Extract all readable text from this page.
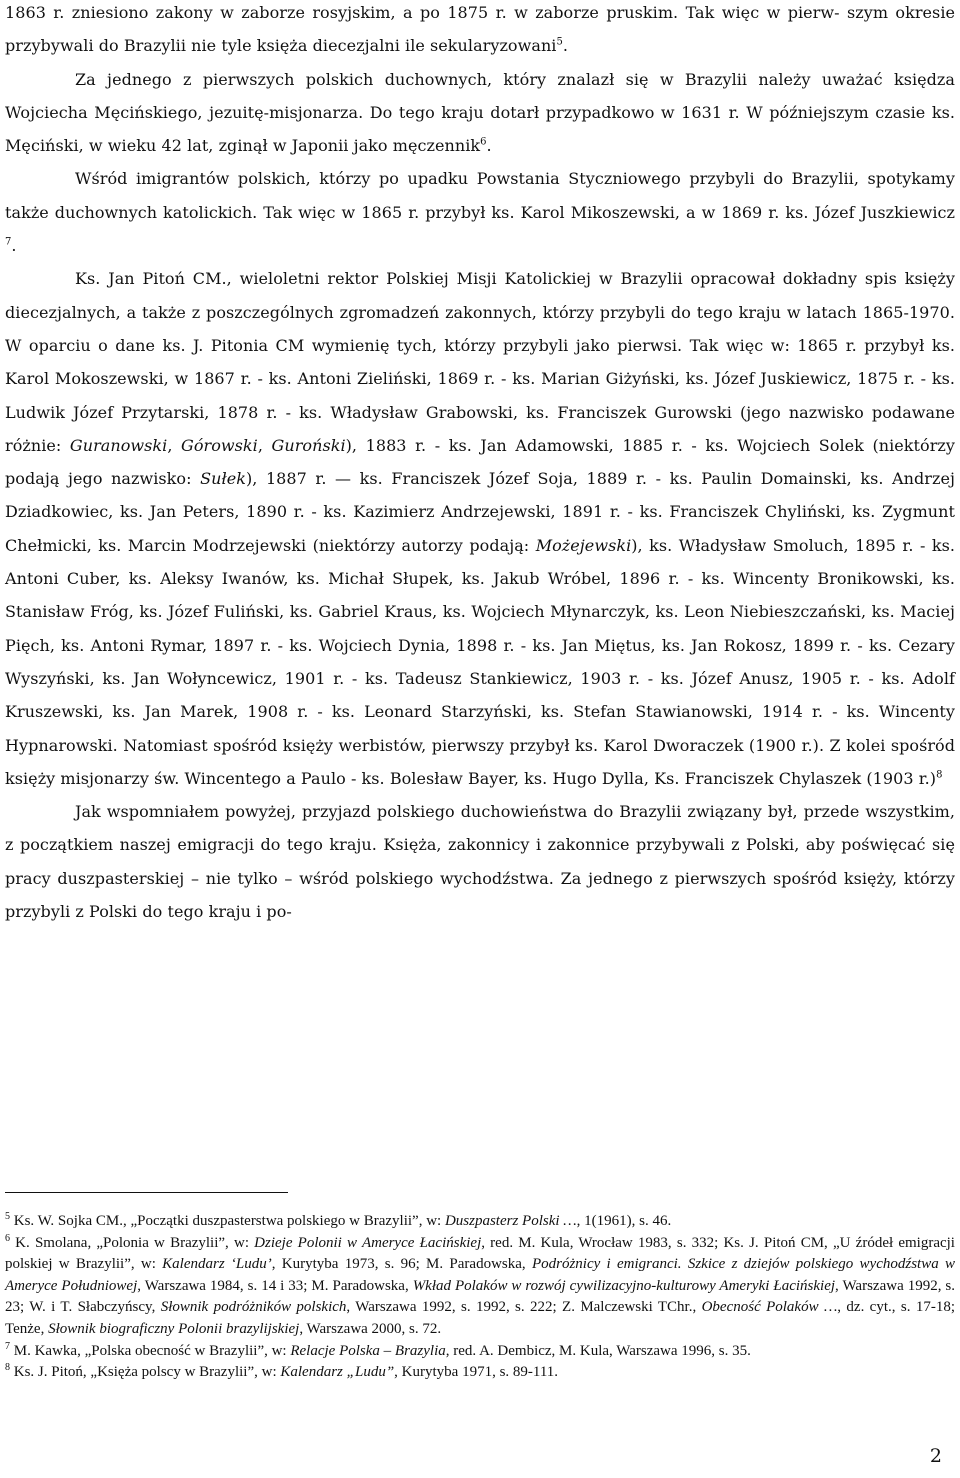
1863 r. zniesiono zakony w zaborze rosyjskim, a po 1875 r. w zaborze pruskim. Tak więc w pierw- szym okresie przybywali do Brazylii nie tyle księża diecezjalni ile sekularyzowani$^5$.

Za jednego z pierwszych polskich duchownych, który znalazł się w Brazylii należy uważać księdza Wojciecha Męcińskiego, jezuitę-misjonarza. Do tego kraju dotarł przypadkowo w 1631 r. W późniejszym czasie ks. Męciński, w wieku 42 lat, zginął w Japonii jako męczennik$^6$.

Wśród imigrantów polskich, którzy po upadku Powstania Styczniowego przybyli do Brazylii, spotykamy także duchownych katolickich. Tak więc w 1865 r. przybył ks. Karol Mikoszewski, a w 1869 r. ks. Józef Juszkiewicz $^7$.

Ks. Jan Pitoń CM., wieloletni rektor Polskiej Misji Katolickiej w Brazylii opracował dokładny spis księży diecezjalnych, a także z poszczególnych zgromadzeń zakonnych, którzy przybyli do tego kraju w latach 1865-1970. W oparciu o dane ks. J. Pitonia CM wymienię tych, którzy przybyli jako pierwsi. Tak więc w: 1865 r. przybył ks. Karol Mokoszewski, w 1867 r. - ks. Antoni Zieliński, 1869 r. - ks. Marian Giżyński, ks. Józef Juskiewicz, 1875 r. - ks. Ludwik Józef Przytarski, 1878 r. - ks. Władysław Grabowski, ks. Franciszek Gurowski (jego nazwisko podawane różnie: Guranowski, Górowski, Guroński), 1883 r. - ks. Jan Adamowski, 1885 r. - ks. Wojciech Solek (niektórzy podają jego nazwisko: Sułek), 1887 r. — ks. Franciszek Józef Soja, 1889 r. - ks. Paulin Domainski, ks. Andrzej Dziadkowiec, ks. Jan Peters, 1890 r. - ks. Kazimierz Andrzejewski, 1891 r. - ks. Franciszek Chyliński, ks. Zygmunt Chełmicki, ks. Marcin Modrzejewski (niektórzy autorzy podają: Możejewski), ks. Władysław Smoluch, 1895 r. - ks. Antoni Cuber, ks. Aleksy Iwanów, ks. Michał Słupek, ks. Jakub Wróbel, 1896 r. - ks. Wincenty Bronikowski, ks. Stanisław Fróg, ks. Józef Fuliński, ks. Gabriel Kraus, ks. Wojciech Młynarczyk, ks. Leon Niebieszczański, ks. Maciej Pięch, ks. Antoni Rymar, 1897 r. - ks. Wojciech Dynia, 1898 r. - ks. Jan Miętus, ks. Jan Rokosz, 1899 r. - ks. Cezary Wyszyński, ks. Jan Wołyncewicz, 1901 r. - ks. Tadeusz Stankiewicz, 1903 r. - ks. Józef Anusz, 1905 r. - ks. Adolf Kruszewski, ks. Jan Marek, 1908 r. - ks. Leonard Starzyński, ks. Stefan Stawianowski, 1914 r. - ks. Wincenty Hypnarowski. Natomiast spośród księży werbistów, pierwszy przybył ks. Karol Dworaczek (1900 r.). Z kolei spośród księży misjonarzy św. Wincentego a Paulo - ks. Bolesław Bayer, ks. Hugo Dylla, Ks. Franciszek Chylaszek (1903 r.)$^8$

Jak wspomniałem powyżej, przyjazd polskiego duchowieństwa do Brazylii związany był, przede wszystkim, z początkiem naszej emigracji do tego kraju. Księża, zakonnicy i zakonnice przybywali z Polski, aby poświęcać się pracy duszpasterskiej – nie tylko – wśród polskiego wychodźstwa. Za jednego z pierwszych spośród księży, którzy przybyli z Polski do tego kraju i po-

$^5$ Ks. W. Sojka CM., „Początki duszpasterstwa polskiego w Brazylii”, w: Duszpasterz Polski …, 1(1961), s. 46.

$^6$ K. Smolana, „Polonia w Brazylii”, w: Dzieje Polonii w Ameryce Łacińskiej, red. M. Kula, Wrocław 1983, s. 332; Ks. J. Pitoń CM, „U źródeł emigracji polskiej w Brazylii”, w: Kalendarz ‘Ludu’, Kurytyba 1973, s. 96; M. Paradowska, Podróżnicy i emigranci. Szkice z dziejów polskiego wychodźstwa w Ameryce Południowej, Warszawa 1984, s. 14 i 33; M. Paradowska, Wkład Polaków w rozwój cywilizacyjno-kulturowy Ameryki Łacińskiej, Warszawa 1992, s. 23; W. i T. Słabczyńscy, Słownik podróżników polskich, Warszawa 1992, s. 1992, s. 222; Z. Malczewski TChr., Obecność Polaków …, dz. cyt., s. 17-18; Tenże, Słownik biograficzny Polonii brazylijskiej, Warszawa 2000, s. 72.

$^7$ M. Kawka, „Polska obecność w Brazylii”, w: Relacje Polska – Brazylia, red. A. Dembicz, M. Kula, Warszawa 1996, s. 35.

$^8$ Ks. J. Pitoń, „Księża polscy w Brazylii”, w: Kalendarz „Ludu”, Kurytyba 1971, s. 89-111.

2
